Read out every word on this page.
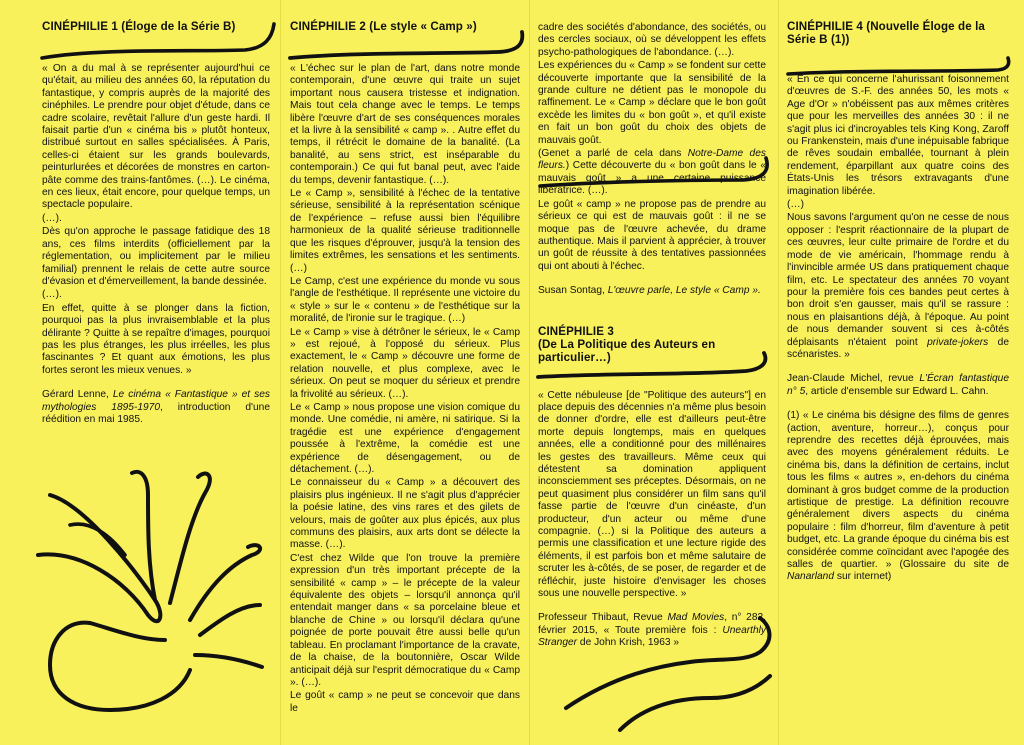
CINÉPHILIE 1 (Éloge de la Série B)

« On a du mal à se représenter aujourd'hui ce qu'était, au milieu des années 60, la réputation du fantastique, y compris auprès de la majorité des cinéphiles. Le prendre pour objet d'étude, dans ce cadre scolaire, revêtait l'allure d'un geste hardi. Il faisait partie d'un « cinéma bis » plutôt honteux, distribué surtout en salles spécialisées. À Paris, celles-ci étaient sur les grands boulevards, peinturlurées et décorées de monstres en carton-pâte comme des trains-fantômes. (…). Le cinéma, en ces lieux, était encore, pour quelque temps, un spectacle populaire.

(…).

Dès qu'on approche le passage fatidique des 18 ans, ces films interdits (officiellement par la réglementation, ou implicitement par le milieu familial) prennent le relais de cette autre source d'évasion et d'émerveillement, la bande dessinée.

(…).

En effet, quitte à se plonger dans la fiction, pourquoi pas la plus invraisemblable et la plus délirante ? Quitte à se repaître d'images, pourquoi pas les plus étranges, les plus irréelles, les plus fascinantes ? Et quant aux émotions, les plus fortes seront les mieux venues. »

Gérard Lenne, Le cinéma « Fantastique » et ses mythologies 1895-1970, introduction d'une réédition en mai 1985.

CINÉPHILIE 2 (Le style « Camp »)

« L'échec sur le plan de l'art, dans notre monde contemporain, d'une œuvre qui traite un sujet important nous causera tristesse et indignation. Mais tout cela change avec le temps. Le temps libère l'œuvre d'art de ses conséquences morales et la livre à la sensibilité « camp ». . Autre effet du temps, il rétrécit le domaine de la banalité. (La banalité, au sens strict, est inséparable du contemporain.) Ce qui fut banal peut, avec l'aide du temps, devenir fantastique. (…).

Le « Camp », sensibilité à l'échec de la tentative sérieuse, sensibilité à la représentation scénique de l'expérience – refuse aussi bien l'équilibre harmonieux de la qualité sérieuse traditionnelle que les risques d'éprouver, jusqu'à la tension des limites extrêmes, les sensations et les sentiments. (…)

Le Camp, c'est une expérience du monde vu sous l'angle de l'esthétique. Il représente une victoire du « style » sur le « contenu » de l'esthétique sur la moralité, de l'ironie sur le tragique. (…)

Le « Camp » vise à détrôner le sérieux, le « Camp » est rejoué, à l'opposé du sérieux. Plus exactement, le « Camp » découvre une forme de relation nouvelle, et plus complexe, avec le sérieux. On peut se moquer du sérieux et prendre la frivolité au sérieux. (…).

Le « Camp » nous propose une vision comique du monde. Une comédie, ni amère, ni satirique. Si la tragédie est une expérience d'engagement poussée à l'extrême, la comédie est une expérience de désengagement, ou de détachement. (…).

Le connaisseur du « Camp » a découvert des plaisirs plus ingénieux. Il ne s'agit plus d'apprécier la poésie latine, des vins rares et des gilets de velours, mais de goûter aux plus épicés, aux plus communs des plaisirs, aux arts dont se délecte la masse. (…).

C'est chez Wilde que l'on trouve la première expression d'un très important précepte de la sensibilité « camp » – le précepte de la valeur équivalente des objets – lorsqu'il annonça qu'il entendait manger dans « sa porcelaine bleue et blanche de Chine » ou lorsqu'il déclara qu'une poignée de porte pouvait être aussi belle qu'un tableau. En proclamant l'importance de la cravate, de la chaise, de la boutonnière, Oscar Wilde anticipait déjà sur l'esprit démocratique du « Camp ». (…).

Le goût « camp » ne peut se concevoir que dans le

cadre des sociétés d'abondance, des sociétés, ou des cercles sociaux, où se développent les effets psycho-pathologiques de l'abondance. (…).

Les expériences du « Camp » se fondent sur cette découverte importante que la sensibilité de la grande culture ne détient pas le monopole du raffinement. Le « Camp » déclare que le bon goût excède les limites du « bon goût », et qu'il existe en fait un bon goût du choix des objets de mauvais goût.

(Genet a parlé de cela dans Notre-Dame des fleurs.) Cette découverte du « bon goût dans le « mauvais goût » a une certaine puissance libératrice. (…).

Le goût « camp » ne propose pas de prendre au sérieux ce qui est de mauvais goût : il ne se moque pas de l'œuvre achevée, du drame authentique. Mais il parvient à apprécier, à trouver un goût de réussite à des tentatives passionnées qui ont abouti à l'échec.

Susan Sontag, L'œuvre parle, Le style « Camp ».

CINÉPHILIE 3
(De La Politique des Auteurs en particulier…)

« Cette nébuleuse [de "Politique des auteurs"] en place depuis des décennies n'a même plus besoin de donner d'ordre, elle est d'ailleurs peut-être morte depuis longtemps, mais en quelques années, elle a conditionné pour des millénaires les gestes des travailleurs. Même ceux qui détestent sa domination appliquent inconsciemment ses préceptes. Désormais, on ne peut quasiment plus considérer un film sans qu'il fasse partie de l'œuvre d'un cinéaste, d'un producteur, d'un acteur ou même d'une compagnie. (…) si la Politique des auteurs a permis une classification et une lecture rigide des éléments, il est parfois bon et même salutaire de scruter les à-côtés, de se poser, de regarder et de réfléchir, juste histoire d'envisager les choses sous une nouvelle perspective. »

Professeur Thibaut, Revue Mad Movies, n° 282, février 2015, « Toute première fois : Unearthly Stranger de John Krish, 1963 »

CINÉPHILIE 4 (Nouvelle Éloge de la Série B (1))

« En ce qui concerne l'ahurissant foisonnement d'œuvres de S.-F. des années 50, les mots « Age d'Or » n'obéissent pas aux mêmes critères que pour les merveilles des années 30 : il ne s'agit plus ici d'incroyables tels King Kong, Zaroff ou Frankenstein, mais d'une inépuisable fabrique de rêves soudain emballée, tournant à plein rendement, éparpillant aux quatre coins des États-Unis les trésors extravagants d'une imagination libérée.

(…)

Nous savons l'argument qu'on ne cesse de nous opposer : l'esprit réactionnaire de la plupart de ces œuvres, leur culte primaire de l'ordre et du mode de vie américain, l'hommage rendu à l'invincible armée US dans pratiquement chaque film, etc. Le spectateur des années 70 voyant pour la première fois ces bandes peut certes à bon droit s'en gausser, mais qu'il se rassure : nous en plaisantions déjà, à l'époque. Au point de nous demander souvent si ces à-côtés déplaisants n'étaient point private-jokers de scénaristes. »

Jean-Claude Michel, revue L'Écran fantastique n° 5, article d'ensemble sur Edward L. Cahn.

(1) « Le cinéma bis désigne des films de genres (action, aventure, horreur…), conçus pour reprendre des recettes déjà éprouvées, mais avec des moyens généralement réduits. Le cinéma bis, dans la définition de certains, inclut tous les films « autres », en-dehors du cinéma dominant à gros budget comme de la production artistique de prestige. La définition recouvre généralement divers aspects du cinéma populaire : film d'horreur, film d'aventure à petit budget, etc. La grande époque du cinéma bis est considérée comme coïncidant avec l'apogée des salles de quartier. » (Glossaire du site de Nanarland sur internet)
